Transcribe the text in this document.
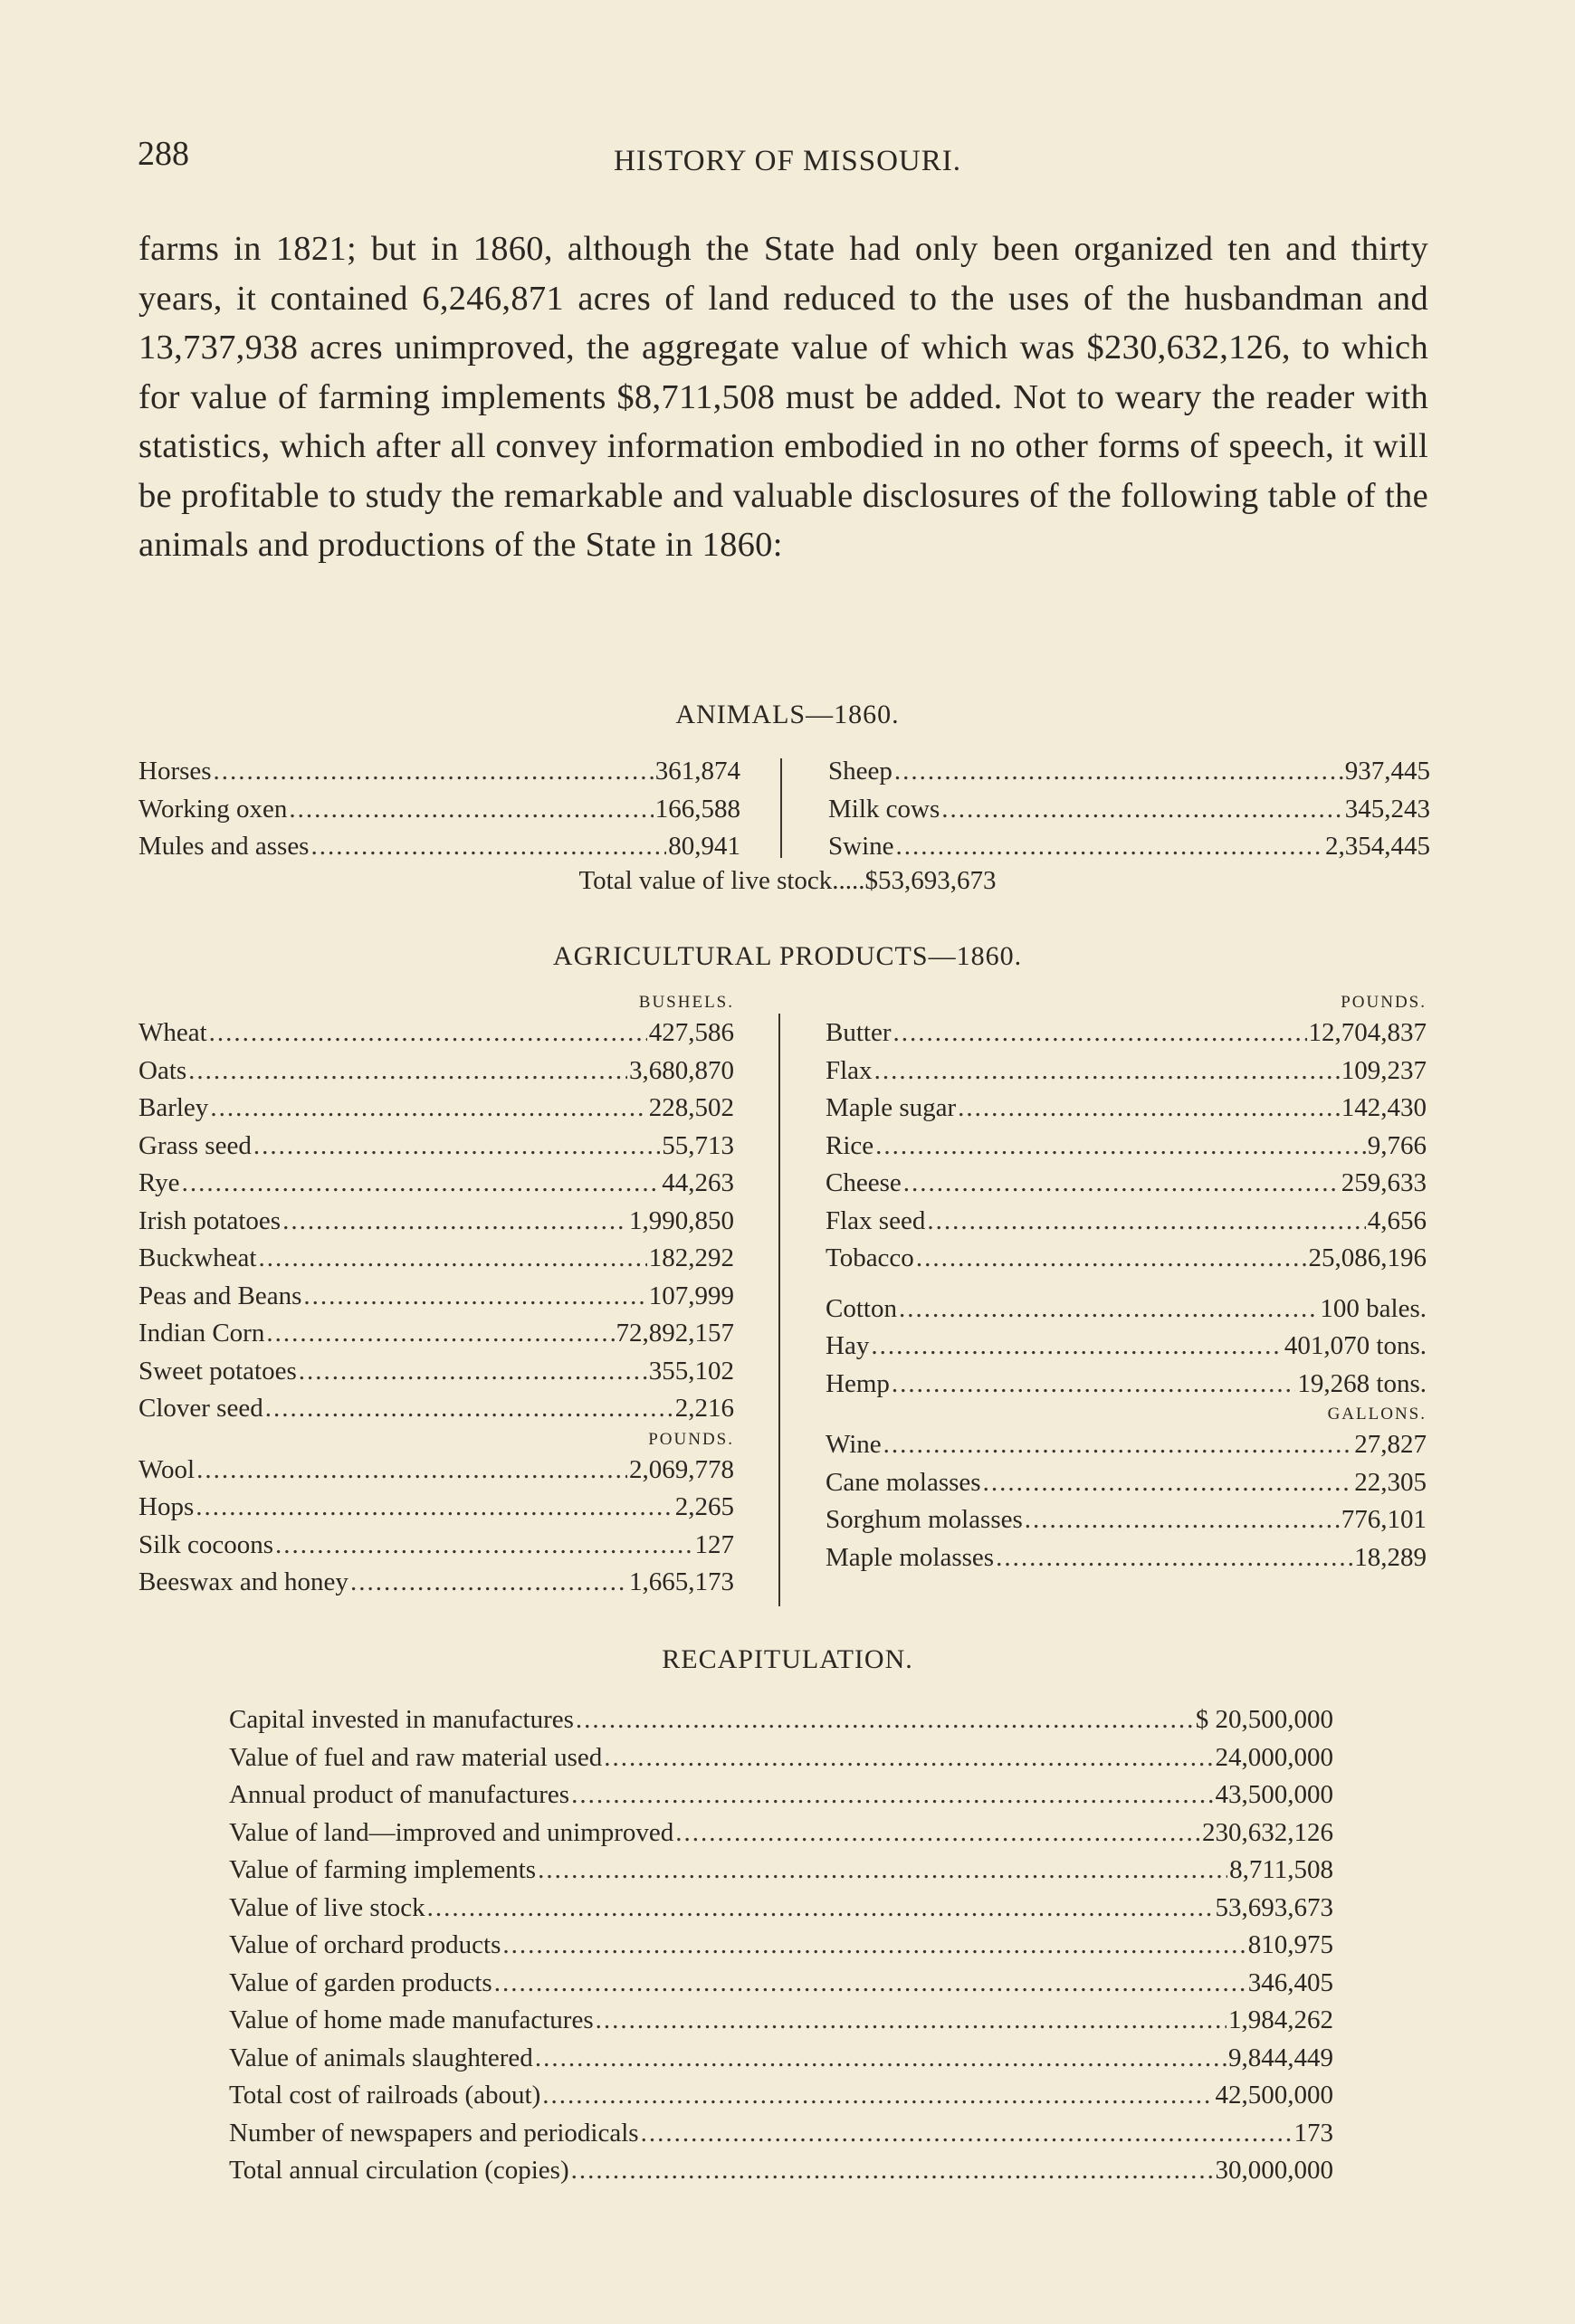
288	HISTORY OF MISSOURI.

farms in 1821; but in 1860, although the State had only been organized ten and thirty years, it contained 6,246,871 acres of land reduced to the uses of the husbandman and 13,737,938 acres unimproved, the aggregate value of which was $230,632,126, to which for value of farming implements $8,711,508 must be added. Not to weary the reader with statistics, which after all convey information embodied in no other forms of speech, it will be profitable to study the remarkable and valuable disclosures of the following table of the animals and productions of the State in 1860:

ANIMALS—1860.
Horses .....	361,874
Working oxen .....	166,588
Mules and asses .....	80,941
Sheep .....	937,445
Milk cows .....	345,243
Swine .....	2,354,445
Total value of live stock.....$53,693,673
AGRICULTURAL PRODUCTS—1860.
BUSHELS.
Wheat .....	427,586
Oats .....	3,680,870
Barley .....	228,502
Grass seed .....	55,713
Rye .....	44,263
Irish potatoes .....	1,990,850
Buckwheat .....	182,292
Peas and Beans .....	107,999
Indian Corn .....	72,892,157
Sweet potatoes .....	355,102
Clover seed .....	2,216
POUNDS.
Wool .....	2,069,778
Hops .....	2,265
Silk cocoons .....	127
Beeswax and honey .....	1,665,173
POUNDS.
Butter .....	12,704,837
Flax .....	109,237
Maple sugar .....	142,430
Rice .....	9,766
Cheese .....	259,633
Flax seed .....	4,656
Tobacco .....	25,086,196
Cotton .....	100 bales.
Hay .....	401,070 tons.
Hemp .....	19,268 tons.
GALLONS.
Wine .....	27,827
Cane molasses .....	22,305
Sorghum molasses .....	776,101
Maple molasses .....	18,289
RECAPITULATION.
Capital invested in manufactures .....	$ 20,500,000
Value of fuel and raw material used .....	24,000,000
Annual product of manufactures .....	43,500,000
Value of land—improved and unimproved .....	230,632,126
Value of farming implements .....	8,711,508
Value of live stock .....	53,693,673
Value of orchard products .....	810,975
Value of garden products .....	346,405
Value of home made manufactures .....	1,984,262
Value of animals slaughtered .....	9,844,449
Total cost of railroads (about) .....	42,500,000
Number of newspapers and periodicals .....	173
Total annual circulation (copies) .....	30,000,000
